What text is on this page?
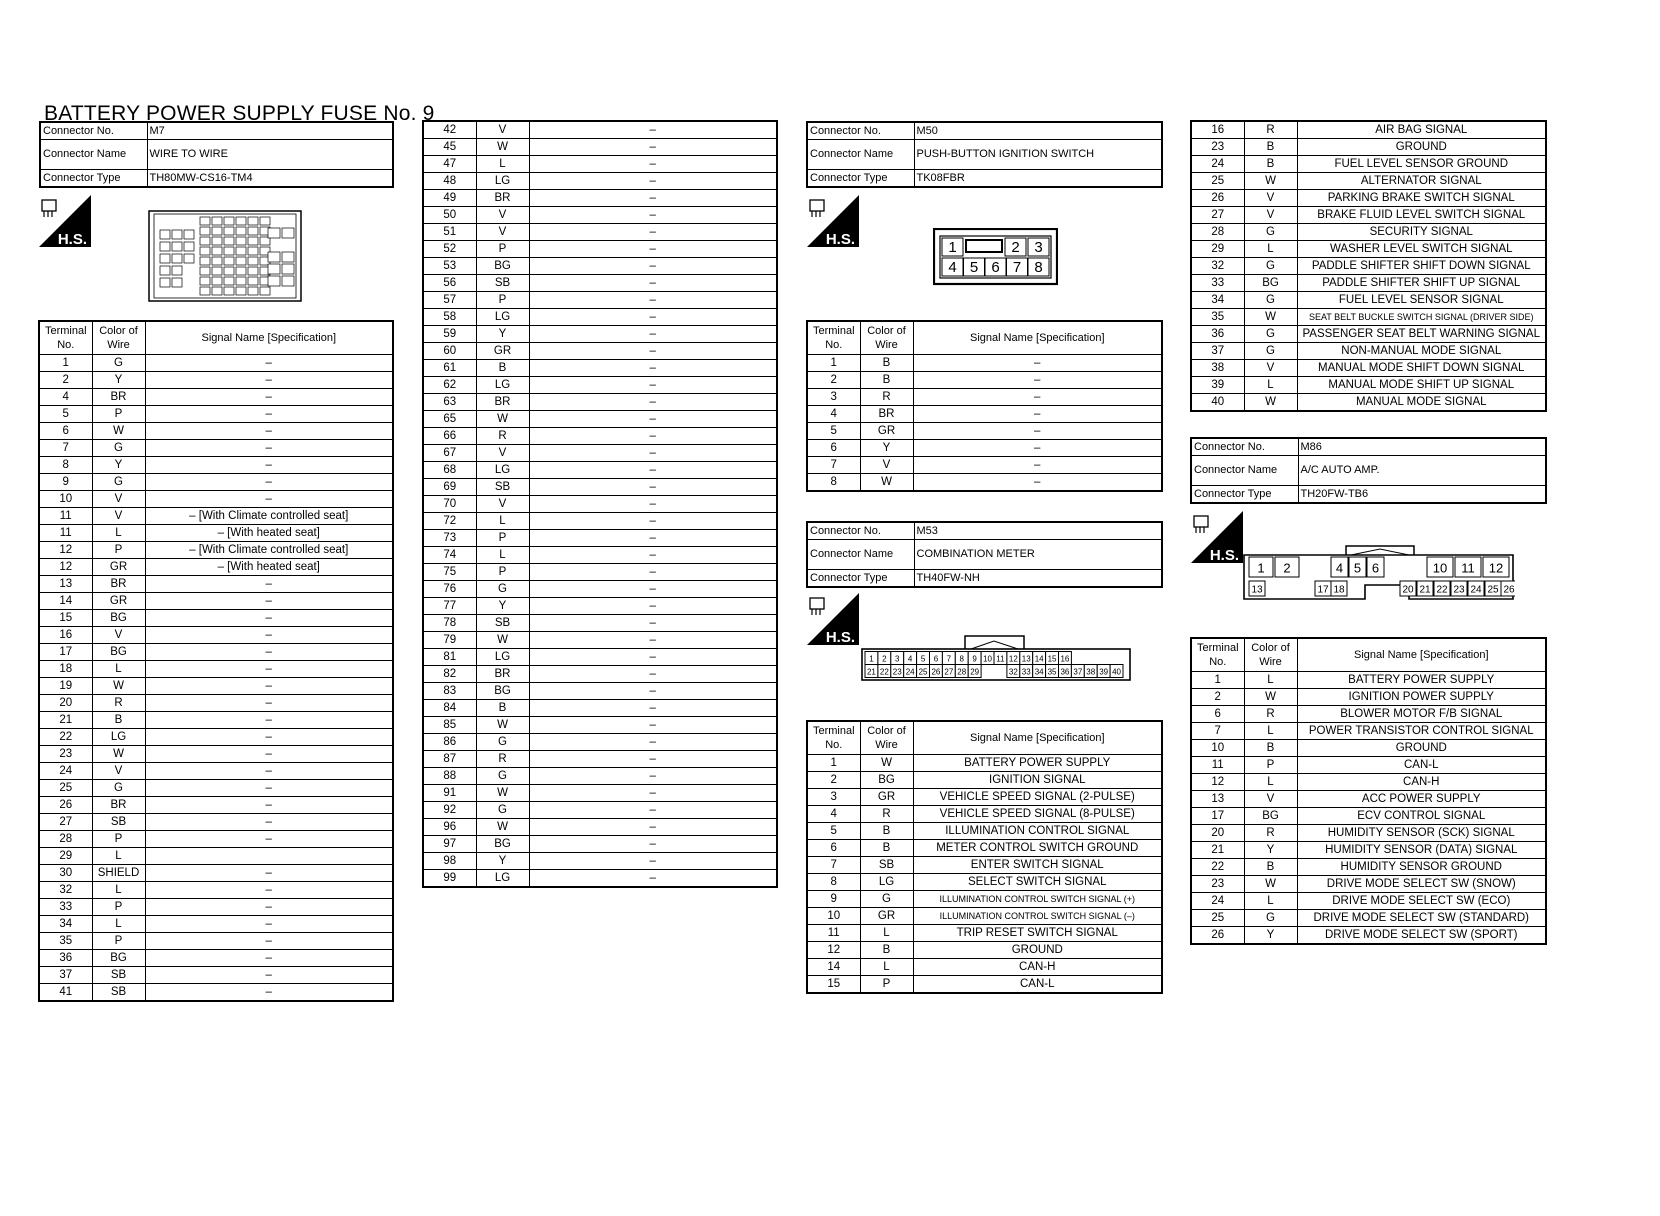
BATTERY POWER SUPPLY FUSE No. 9
Connector No.	M7
Connector Name	WIRE TO WIRE
Connector Type	TH80MW-CS16-TM4
H.S.
Terminal No.	Color of Wire	Signal Name [Specification]
1	G	–
2	Y	–
4	BR	–
5	P	–
6	W	–
7	G	–
8	Y	–
9	G	–
10	V	–
11	V	– [With Climate controlled seat]
11	L	– [With heated seat]
12	P	– [With Climate controlled seat]
12	GR	– [With heated seat]
13	BR	–
14	GR	–
15	BG	–
16	V	–
17	BG	–
18	L	–
19	W	–
20	R	–
21	B	–
22	LG	–
23	W	–
24	V	–
25	G	–
26	BR	–
27	SB	–
28	P	–
29	L	
30	SHIELD	–
32	L	–
33	P	–
34	L	–
35	P	–
36	BG	–
37	SB	–
41	SB	–
42	V	–
45	W	–
47	L	–
48	LG	–
49	BR	–
50	V	–
51	V	–
52	P	–
53	BG	–
56	SB	–
57	P	–
58	LG	–
59	Y	–
60	GR	–
61	B	–
62	LG	–
63	BR	–
65	W	–
66	R	–
67	V	–
68	LG	–
69	SB	–
70	V	–
72	L	–
73	P	–
74	L	–
75	P	–
76	G	–
77	Y	–
78	SB	–
79	W	–
81	LG	–
82	BR	–
83	BG	–
84	B	–
85	W	–
86	G	–
87	R	–
88	G	–
91	W	–
92	G	–
96	W	–
97	BG	–
98	Y	–
99	LG	–
Connector No.	M50
Connector Name	PUSH-BUTTON IGNITION SWITCH
Connector Type	TK08FBR
H.S.	1	2 3
4 5 6 7 8
Terminal No.	Color of Wire	Signal Name [Specification]
1	B	–
2	B	–
3	R	–
4	BR	–
5	GR	–
6	Y	–
7	V	–
8	W	–
Connector No.	M53
Connector Name	COMBINATION METER
Connector Type	TH40FW-NH
H.S.
1 2 3 4 5 6 7 8 9 10 11 12 13 14 15 16
21 22 23 24 25 26 27 28 29	32 33 34 35 36 37 38 39 40
Terminal No.	Color of Wire	Signal Name [Specification]
1	W	BATTERY POWER SUPPLY
2	BG	IGNITION SIGNAL
3	GR	VEHICLE SPEED SIGNAL (2-PULSE)
4	R	VEHICLE SPEED SIGNAL (8-PULSE)
5	B	ILLUMINATION CONTROL SIGNAL
6	B	METER CONTROL SWITCH GROUND
7	SB	ENTER SWITCH SIGNAL
8	LG	SELECT SWITCH SIGNAL
9	G	ILLUMINATION CONTROL SWITCH SIGNAL (+)
10	GR	ILLUMINATION CONTROL SWITCH SIGNAL (–)
11	L	TRIP RESET SWITCH SIGNAL
12	B	GROUND
14	L	CAN-H
15	P	CAN-L
16	R	AIR BAG SIGNAL
23	B	GROUND
24	B	FUEL LEVEL SENSOR GROUND
25	W	ALTERNATOR SIGNAL
26	V	PARKING BRAKE SWITCH SIGNAL
27	V	BRAKE FLUID LEVEL SWITCH SIGNAL
28	G	SECURITY SIGNAL
29	L	WASHER LEVEL SWITCH SIGNAL
32	G	PADDLE SHIFTER SHIFT DOWN SIGNAL
33	BG	PADDLE SHIFTER SHIFT UP SIGNAL
34	G	FUEL LEVEL SENSOR SIGNAL
35	W	SEAT BELT BUCKLE SWITCH SIGNAL (DRIVER SIDE)
36	G	PASSENGER SEAT BELT WARNING SIGNAL
37	G	NON-MANUAL MODE SIGNAL
38	V	MANUAL MODE SHIFT DOWN SIGNAL
39	L	MANUAL MODE SHIFT UP SIGNAL
40	W	MANUAL MODE SIGNAL
Connector No.	M86
Connector Name	A/C AUTO AMP.
Connector Type	TH20FW-TB6
H.S.
1 2	4 5 6	10 11 12
13	17 18	20 21 22 23 24 25 26
Terminal No.	Color of Wire	Signal Name [Specification]
1	L	BATTERY POWER SUPPLY
2	W	IGNITION POWER SUPPLY
6	R	BLOWER MOTOR F/B SIGNAL
7	L	POWER TRANSISTOR CONTROL SIGNAL
10	B	GROUND
11	P	CAN-L
12	L	CAN-H
13	V	ACC POWER SUPPLY
17	BG	ECV CONTROL SIGNAL
20	R	HUMIDITY SENSOR (SCK) SIGNAL
21	Y	HUMIDITY SENSOR (DATA) SIGNAL
22	B	HUMIDITY SENSOR GROUND
23	W	DRIVE MODE SELECT SW (SNOW)
24	L	DRIVE MODE SELECT SW (ECO)
25	G	DRIVE MODE SELECT SW (STANDARD)
26	Y	DRIVE MODE SELECT SW (SPORT)
